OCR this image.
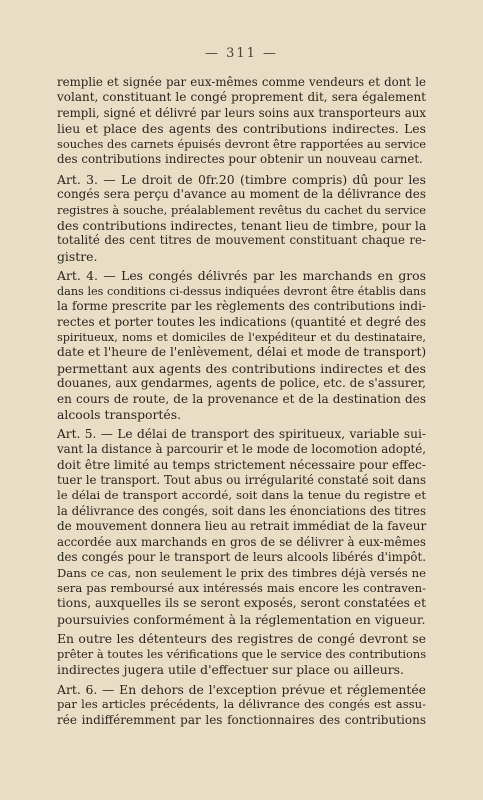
— 311 —
remplie et signée par eux-mêmes comme vendeurs et dont le
volant, constituant le congé proprement dit, sera également
rempli, signé et délivré par leurs soins aux transporteurs aux
lieu et place des agents des contributions indirectes. Les
souches des carnets épuisés devront être rapportées au service
des contributions indirectes pour obtenir un nouveau carnet.
Art. 3. — Le droit de 0fr.20 (timbre compris) dû pour les
congés sera perçu d'avance au moment de la délivrance des
registres à souche, préalablement revêtus du cachet du service
des contributions indirectes, tenant lieu de timbre, pour la
totalité des cent titres de mouvement constituant chaque re-
gistre.
Art. 4. — Les congés délivrés par les marchands en gros
dans les conditions ci-dessus indiquées devront être établis dans
la forme prescrite par les règlements des contributions indi-
rectes et porter toutes les indications (quantité et degré des
spiritueux, noms et domiciles de l'expéditeur et du destinataire,
date et l'heure de l'enlèvement, délai et mode de transport)
permettant aux agents des contributions indirectes et des
douanes, aux gendarmes, agents de police, etc. de s'assurer,
en cours de route, de la provenance et de la destination des
alcools transportés.
Art. 5. — Le délai de transport des spiritueux, variable sui-
vant la distance à parcourir et le mode de locomotion adopté,
doit être limité au temps strictement nécessaire pour effec-
tuer le transport. Tout abus ou irrégularité constaté soit dans
le délai de transport accordé, soit dans la tenue du registre et
la délivrance des congés, soit dans les énonciations des titres
de mouvement donnera lieu au retrait immédiat de la faveur
accordée aux marchands en gros de se délivrer à eux-mêmes
des congés pour le transport de leurs alcools libérés d'impôt.
Dans ce cas, non seulement le prix des timbres déjà versés ne
sera pas remboursé aux intéressés mais encore les contraven-
tions, auxquelles ils se seront exposés, seront constatées et
poursuivies conformément à la réglementation en vigueur.
En outre les détenteurs des registres de congé devront se
prêter à toutes les vérifications que le service des contributions
indirectes jugera utile d'effectuer sur place ou ailleurs.
Art. 6. — En dehors de l'exception prévue et réglementée
par les articles précédents, la délivrance des congés est assu-
rée indifféremment par les fonctionnaires des contributions
